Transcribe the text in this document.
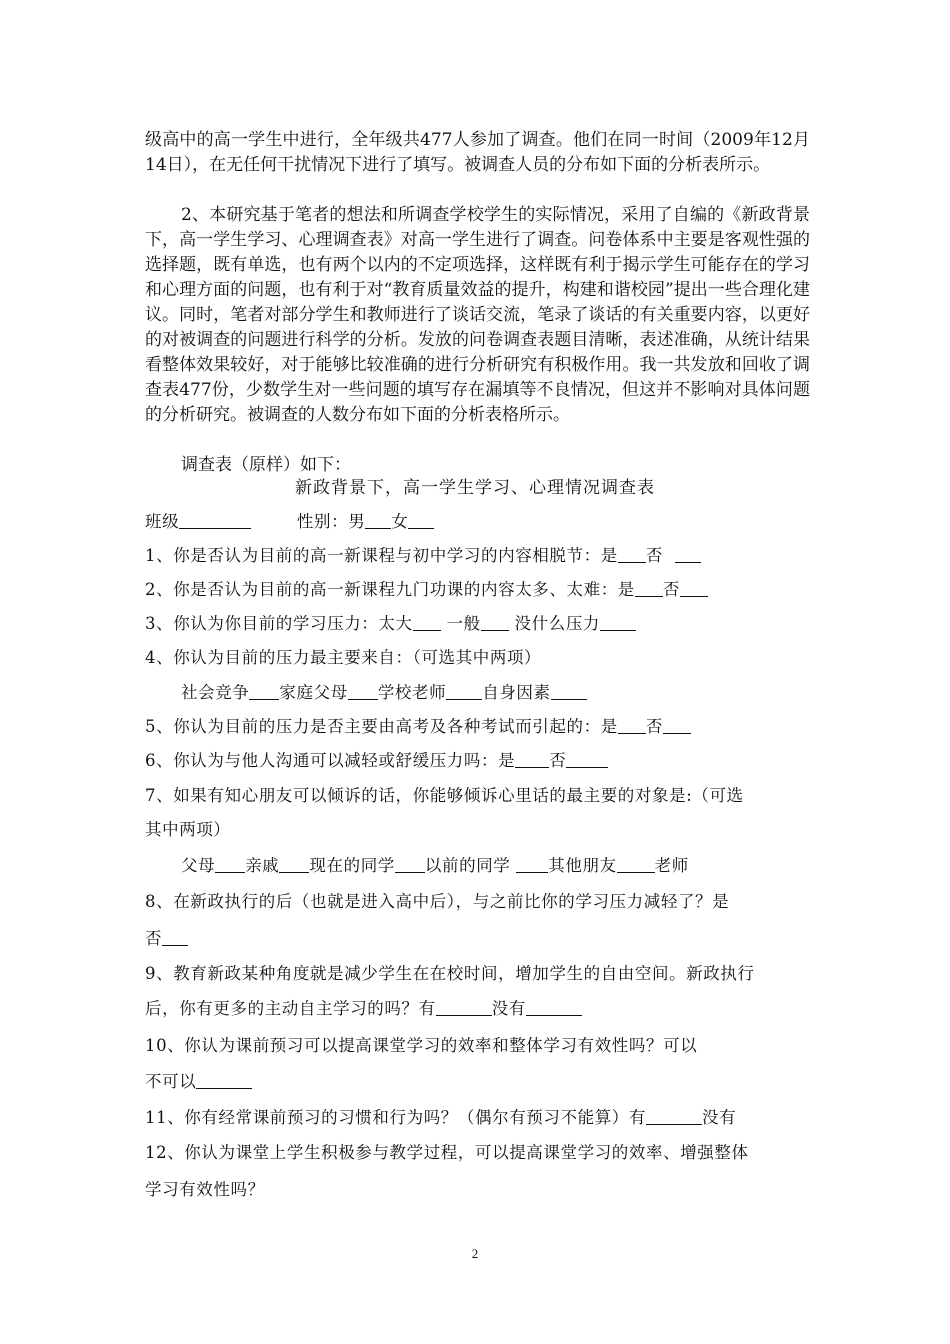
级高中的高一学生中进行，全年级共477人参加了调查。他们在同一时间（2009年12月14日），在无任何干扰情况下进行了填写。被调查人员的分布如下面的分析表所示。

2、本研究基于笔者的想法和所调查学校学生的实际情况，采用了自编的《新政背景下，高一学生学习、心理调查表》对高一学生进行了调查。问卷体系中主要是客观性强的选择题，既有单选，也有两个以内的不定项选择，这样既有利于揭示学生可能存在的学习和心理方面的问题，也有利于对“教育质量效益的提升，构建和谐校园”提出一些合理化建议。同时，笔者对部分学生和教师进行了谈话交流，笔录了谈话的有关重要内容，以更好的对被调查的问题进行科学的分析。发放的问卷调查表题目清晰，表述准确，从统计结果看整体效果较好，对于能够比较准确的进行分析研究有积极作用。我一共发放和回收了调查表477份，少数学生对一些问题的填写存在漏填等不良情况，但这并不影响对具体问题的分析研究。被调查的人数分布如下面的分析表格所示。

调查表（原样）如下：

新政背景下，高一学生学习、心理情况调查表

班级	性别：男 女

1、你是否认为目前的高一新课程与初中学习的内容相脱节：是 否

2、你是否认为目前的高一新课程九门功课的内容太多、太难：是 否

3、你认为你目前的学习压力：太大 一般 没什么压力

4、你认为目前的压力最主要来自：（可选其中两项）

社会竞争 家庭父母 学校老师 自身因素

5、你认为目前的压力是否主要由高考及各种考试而引起的：是 否

6、你认为与他人沟通可以减轻或舒缓压力吗：是 否

7、如果有知心朋友可以倾诉的话，你能够倾诉心里话的最主要的对象是:（可选

其中两项）

父母 亲戚 现在的同学 以前的同学 其他朋友 老师

8、在新政执行的后（也就是进入高中后），与之前比你的学习压力减轻了？是

否

9、教育新政某种角度就是减少学生在在校时间，增加学生的自由空间。新政执行

后，你有更多的主动自主学习的吗？有	没有

10、你认为课前预习可以提高课堂学习的效率和整体学习有效性吗？可以

不可以

11、你有经常课前预习的习惯和行为吗？（偶尔有预习不能算）有	没有

12、你认为课堂上学生积极参与教学过程，可以提高课堂学习的效率、增强整体

学习有效性吗？

2
